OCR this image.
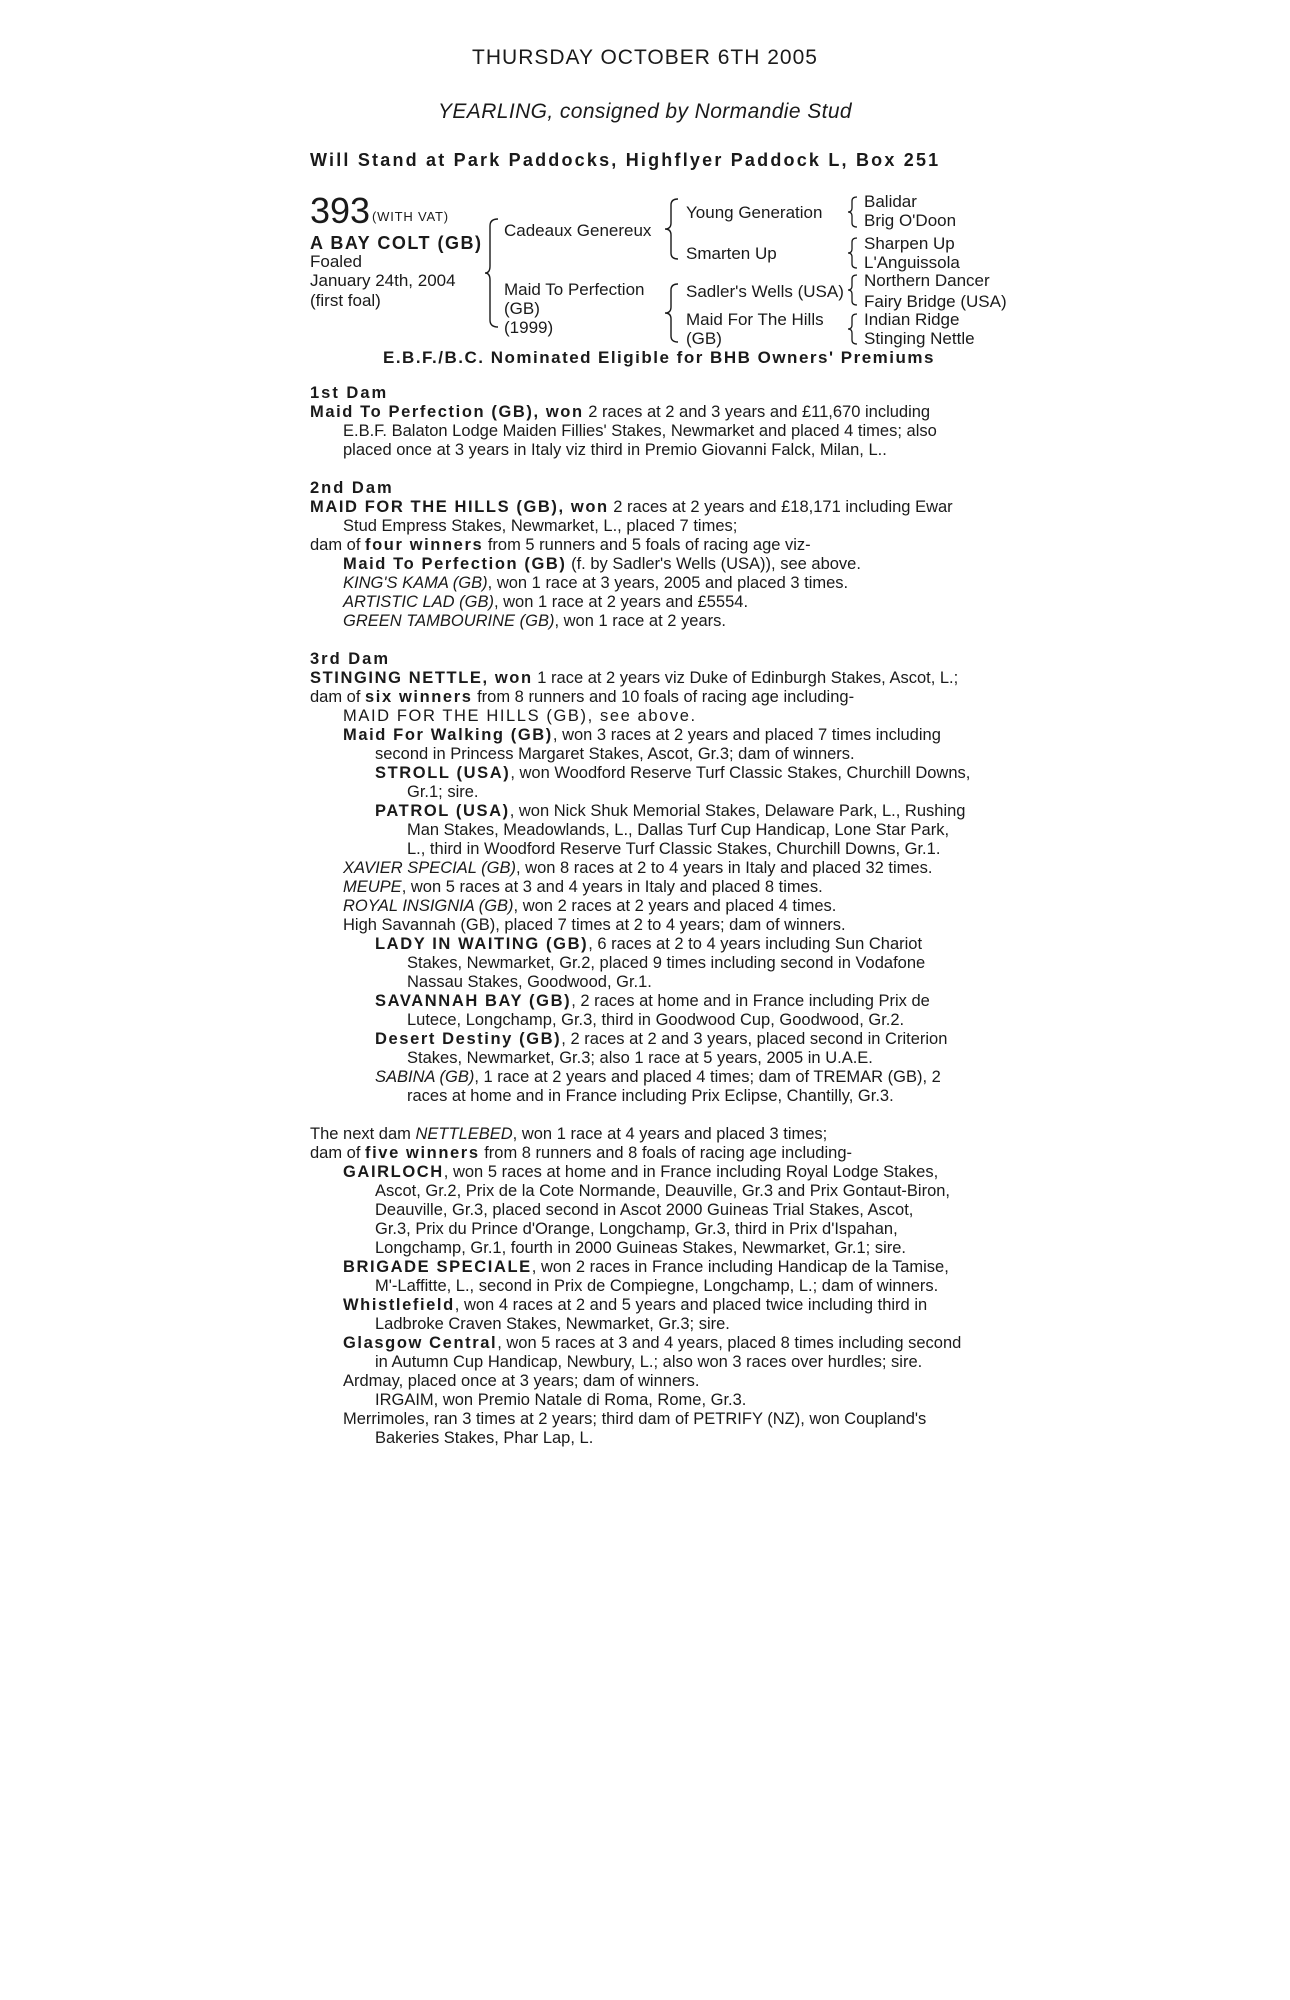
THURSDAY OCTOBER 6TH 2005
YEARLING, consigned by Normandie Stud
Will Stand at Park Paddocks, Highflyer Paddock L, Box 251
393 (WITH VAT)
A BAY COLT (GB)
Foaled
January 24th, 2004
(first foal)
Cadeaux Genereux
Maid To Perfection
(GB)
(1999)
Young Generation
Smarten Up
Sadler's Wells (USA)
Maid For The Hills
(GB)
Balidar
Brig O'Doon
Sharpen Up
L'Anguissola
Northern Dancer
Fairy Bridge (USA)
Indian Ridge
Stinging Nettle
E.B.F./B.C. Nominated Eligible for BHB Owners' Premiums
1st Dam
Maid To Perfection (GB), won 2 races at 2 and 3 years and £11,670 including
E.B.F. Balaton Lodge Maiden Fillies' Stakes, Newmarket and placed 4 times; also
placed once at 3 years in Italy viz third in Premio Giovanni Falck, Milan, L..
2nd Dam
MAID FOR THE HILLS (GB), won 2 races at 2 years and £18,171 including Ewar
Stud Empress Stakes, Newmarket, L., placed 7 times;
dam of four winners from 5 runners and 5 foals of racing age viz-
Maid To Perfection (GB) (f. by Sadler's Wells (USA)), see above.
KING'S KAMA (GB), won 1 race at 3 years, 2005 and placed 3 times.
ARTISTIC LAD (GB), won 1 race at 2 years and £5554.
GREEN TAMBOURINE (GB), won 1 race at 2 years.
3rd Dam
STINGING NETTLE, won 1 race at 2 years viz Duke of Edinburgh Stakes, Ascot, L.;
dam of six winners from 8 runners and 10 foals of racing age including-
MAID FOR THE HILLS (GB), see above.
Maid For Walking (GB), won 3 races at 2 years and placed 7 times including
second in Princess Margaret Stakes, Ascot, Gr.3; dam of winners.
STROLL (USA), won Woodford Reserve Turf Classic Stakes, Churchill Downs,
Gr.1; sire.
PATROL (USA), won Nick Shuk Memorial Stakes, Delaware Park, L., Rushing
Man Stakes, Meadowlands, L., Dallas Turf Cup Handicap, Lone Star Park,
L., third in Woodford Reserve Turf Classic Stakes, Churchill Downs, Gr.1.
XAVIER SPECIAL (GB), won 8 races at 2 to 4 years in Italy and placed 32 times.
MEUPE, won 5 races at 3 and 4 years in Italy and placed 8 times.
ROYAL INSIGNIA (GB), won 2 races at 2 years and placed 4 times.
High Savannah (GB), placed 7 times at 2 to 4 years; dam of winners.
LADY IN WAITING (GB), 6 races at 2 to 4 years including Sun Chariot
Stakes, Newmarket, Gr.2, placed 9 times including second in Vodafone
Nassau Stakes, Goodwood, Gr.1.
SAVANNAH BAY (GB), 2 races at home and in France including Prix de
Lutece, Longchamp, Gr.3, third in Goodwood Cup, Goodwood, Gr.2.
Desert Destiny (GB), 2 races at 2 and 3 years, placed second in Criterion
Stakes, Newmarket, Gr.3; also 1 race at 5 years, 2005 in U.A.E.
SABINA (GB), 1 race at 2 years and placed 4 times; dam of TREMAR (GB), 2
races at home and in France including Prix Eclipse, Chantilly, Gr.3.
The next dam NETTLEBED, won 1 race at 4 years and placed 3 times;
dam of five winners from 8 runners and 8 foals of racing age including-
GAIRLOCH, won 5 races at home and in France including Royal Lodge Stakes,
Ascot, Gr.2, Prix de la Cote Normande, Deauville, Gr.3 and Prix Gontaut-Biron,
Deauville, Gr.3, placed second in Ascot 2000 Guineas Trial Stakes, Ascot,
Gr.3, Prix du Prince d'Orange, Longchamp, Gr.3, third in Prix d'Ispahan,
Longchamp, Gr.1, fourth in 2000 Guineas Stakes, Newmarket, Gr.1; sire.
BRIGADE SPECIALE, won 2 races in France including Handicap de la Tamise,
M'-Laffitte, L., second in Prix de Compiegne, Longchamp, L.; dam of winners.
Whistlefield, won 4 races at 2 and 5 years and placed twice including third in
Ladbroke Craven Stakes, Newmarket, Gr.3; sire.
Glasgow Central, won 5 races at 3 and 4 years, placed 8 times including second
in Autumn Cup Handicap, Newbury, L.; also won 3 races over hurdles; sire.
Ardmay, placed once at 3 years; dam of winners.
IRGAIM, won Premio Natale di Roma, Rome, Gr.3.
Merrimoles, ran 3 times at 2 years; third dam of PETRIFY (NZ), won Coupland's
Bakeries Stakes, Phar Lap, L.
